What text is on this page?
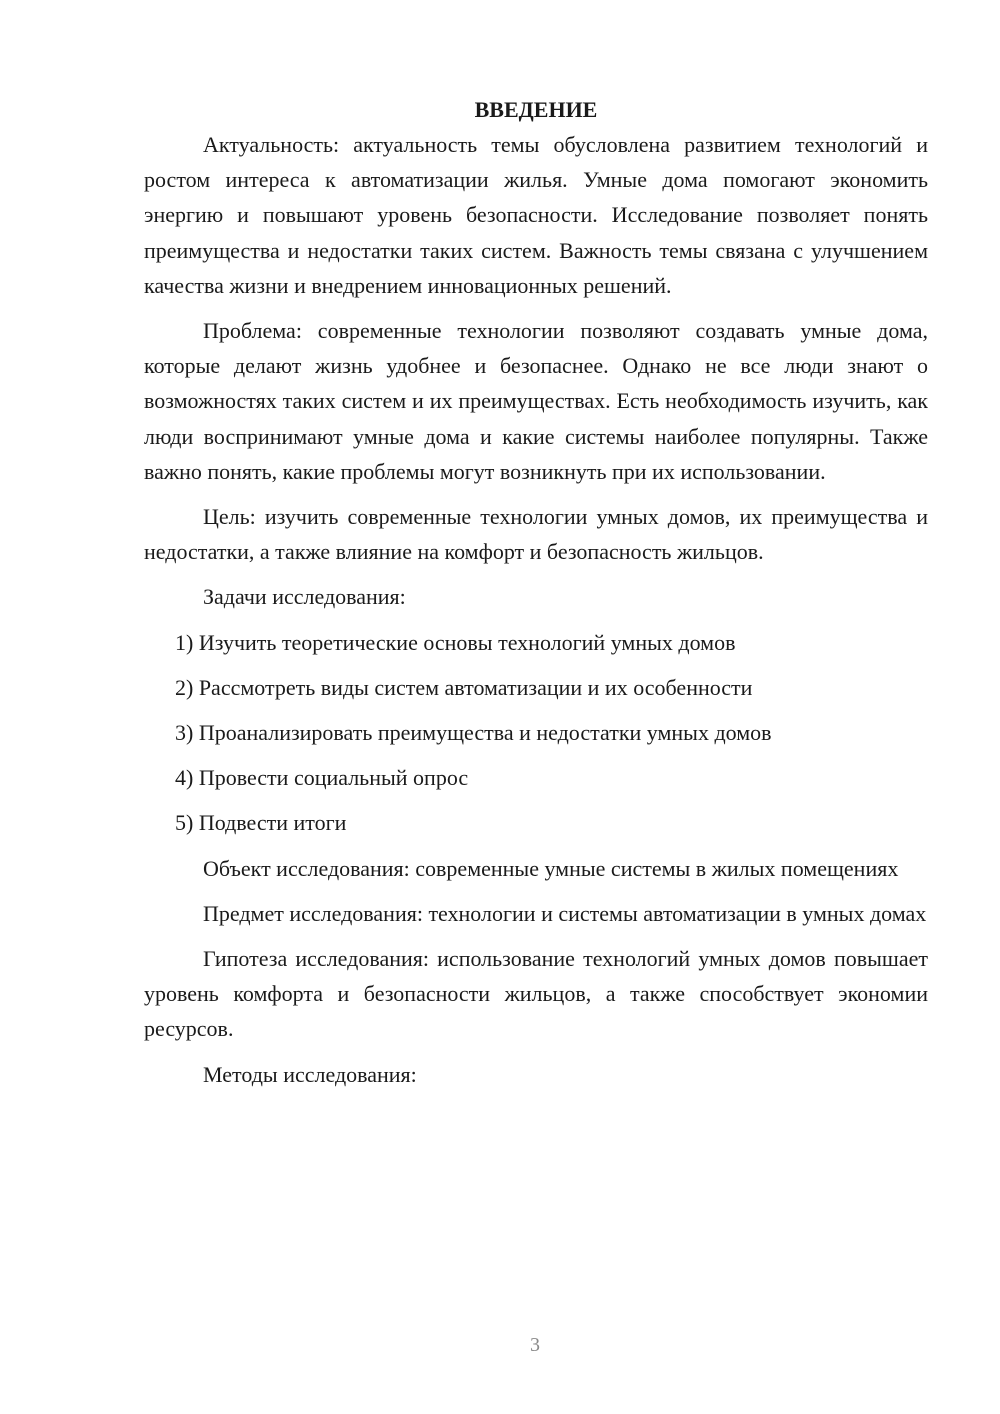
ВВЕДЕНИЕ

Актуальность: актуальность темы обусловлена развитием технологий и ростом интереса к автоматизации жилья. Умные дома помогают экономить энергию и повышают уровень безопасности. Исследование позволяет понять преимущества и недостатки таких систем. Важность темы связана с улучшением качества жизни и внедрением инновационных решений.

Проблема: современные технологии позволяют создавать умные дома, которые делают жизнь удобнее и безопаснее. Однако не все люди знают о возможностях таких систем и их преимуществах. Есть необходимость изучить, как люди воспринимают умные дома и какие системы наиболее популярны. Также важно понять, какие проблемы могут возникнуть при их использовании.

Цель: изучить современные технологии умных домов, их преимущества и недостатки, а также влияние на комфорт и безопасность жильцов.

Задачи исследования:
1) Изучить теоретические основы технологий умных домов
2) Рассмотреть виды систем автоматизации и их особенности
3) Проанализировать преимущества и недостатки умных домов
4) Провести социальный опрос
5) Подвести итоги

Объект исследования: современные умные системы в жилых помещениях

Предмет исследования: технологии и системы автоматизации в умных домах

Гипотеза исследования: использование технологий умных домов повышает уровень комфорта и безопасности жильцов, а также способствует экономии ресурсов.

Методы исследования:

3
